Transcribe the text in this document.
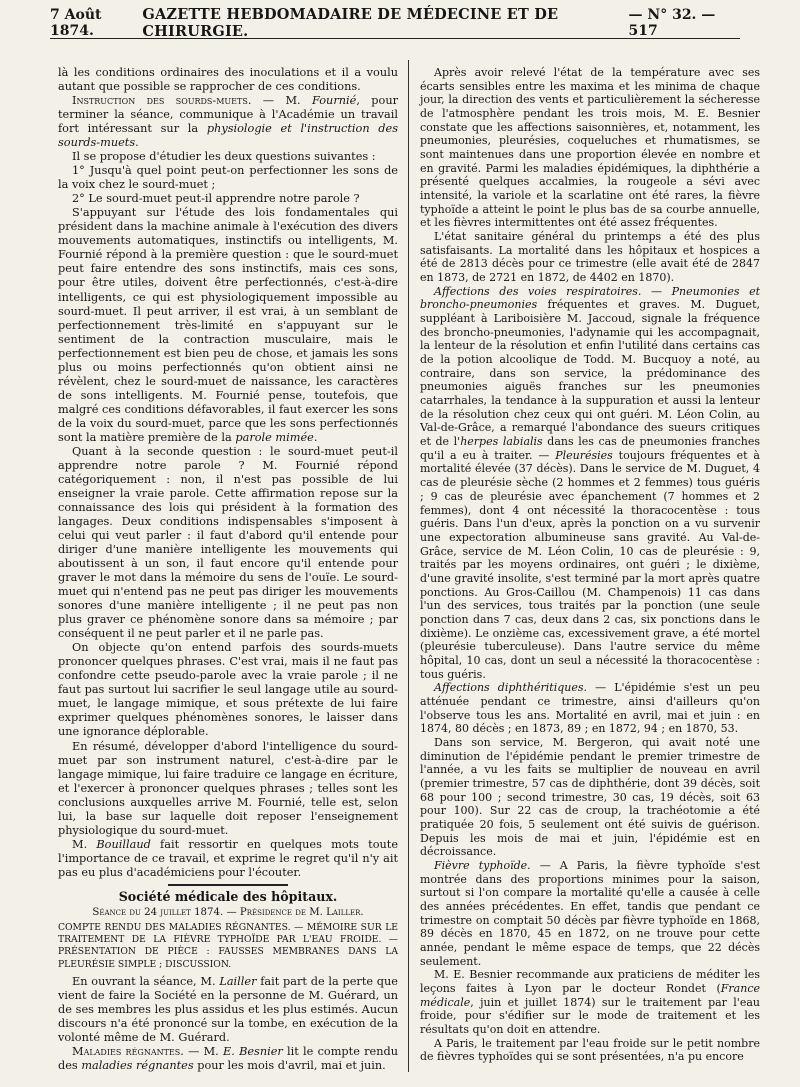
7 Août 1874.
GAZETTE HEBDOMADAIRE DE MÉDECINE ET DE CHIRURGIE.
— N° 32. — 517

là les conditions ordinaires des inoculations et il a voulu autant que possible se rapprocher de ces conditions.

Instruction des sourds-muets. — M. Fournié, pour terminer la séance, communique à l'Académie un travail fort intéressant sur la physiologie et l'instruction des sourds-muets.

Il se propose d'étudier les deux questions suivantes :

1° Jusqu'à quel point peut-on perfectionner les sons de la voix chez le sourd-muet ;

2° Le sourd-muet peut-il apprendre notre parole ?

S'appuyant sur l'étude des lois fondamentales qui président dans la machine animale à l'exécution des divers mouvements automatiques, instinctifs ou intelligents, M. Fournié répond à la première question : que le sourd-muet peut faire entendre des sons instinctifs, mais ces sons, pour être utiles, doivent être perfectionnés, c'est-à-dire intelligents, ce qui est physiologiquement impossible au sourd-muet. Il peut arriver, il est vrai, à un semblant de perfectionnement très-limité en s'appuyant sur le sentiment de la contraction musculaire, mais le perfectionnement est bien peu de chose, et jamais les sons plus ou moins perfectionnés qu'on obtient ainsi ne révèlent, chez le sourd-muet de naissance, les caractères de sons intelligents. M. Fournié pense, toutefois, que malgré ces conditions défavorables, il faut exercer les sons de la voix du sourd-muet, parce que les sons perfectionnés sont la matière première de la parole mimée.

Quant à la seconde question : le sourd-muet peut-il apprendre notre parole ? M. Fournié répond catégoriquement : non, il n'est pas possible de lui enseigner la vraie parole. Cette affirmation repose sur la connaissance des lois qui président à la formation des langages. Deux conditions indispensables s'imposent à celui qui veut parler : il faut d'abord qu'il entende pour diriger d'une manière intelligente les mouvements qui aboutissent à un son, il faut encore qu'il entende pour graver le mot dans la mémoire du sens de l'ouïe. Le sourd-muet qui n'entend pas ne peut pas diriger les mouvements sonores d'une manière intelligente ; il ne peut pas non plus graver ce phénomène sonore dans sa mémoire ; par conséquent il ne peut parler et il ne parle pas.

On objecte qu'on entend parfois des sourds-muets prononcer quelques phrases. C'est vrai, mais il ne faut pas confondre cette pseudo-parole avec la vraie parole ; il ne faut pas surtout lui sacrifier le seul langage utile au sourd-muet, le langage mimique, et sous prétexte de lui faire exprimer quelques phénomènes sonores, le laisser dans une ignorance déplorable.

En résumé, développer d'abord l'intelligence du sourd-muet par son instrument naturel, c'est-à-dire par le langage mimique, lui faire traduire ce langage en écriture, et l'exercer à prononcer quelques phrases ; telles sont les conclusions auxquelles arrive M. Fournié, telle est, selon lui, la base sur laquelle doit reposer l'enseignement physiologique du sourd-muet.

M. Bouillaud fait ressortir en quelques mots toute l'importance de ce travail, et exprime le regret qu'il n'y ait pas eu plus d'académiciens pour l'écouter.

Société médicale des hôpitaux.

Séance du 24 juillet 1874. — Présidence de M. Lailler.

COMPTE RENDU DES MALADIES RÉGNANTES. — MÉMOIRE SUR LE TRAITEMENT DE LA FIÈVRE TYPHOÏDE PAR L'EAU FROIDE. — PRÉSENTATION DE PIÈCE : FAUSSES MEMBRANES DANS LA PLEURÉSIE SIMPLE ; DISCUSSION.

En ouvrant la séance, M. Lailler fait part de la perte que vient de faire la Société en la personne de M. Guérard, un de ses membres les plus assidus et les plus estimés. Aucun discours n'a été prononcé sur la tombe, en exécution de la volonté même de M. Guérard.

Maladies régnantes. — M. E. Besnier lit le compte rendu des maladies régnantes pour les mois d'avril, mai et juin.

Après avoir relevé l'état de la température avec ses écarts sensibles entre les maxima et les minima de chaque jour, la direction des vents et particulièrement la sécheresse de l'atmosphère pendant les trois mois, M. E. Besnier constate que les affections saisonnières, et, notamment, les pneumonies, pleurésies, coqueluches et rhumatismes, se sont maintenues dans une proportion élevée en nombre et en gravité. Parmi les maladies épidémiques, la diphthérie a présenté quelques accalmies, la rougeole a sévi avec intensité, la variole et la scarlatine ont été rares, la fièvre typhoïde a atteint le point le plus bas de sa courbe annuelle, et les fièvres intermittentes ont été assez fréquentes.

L'état sanitaire général du printemps a été des plus satisfaisants. La mortalité dans les hôpitaux et hospices a été de 2813 décès pour ce trimestre (elle avait été de 2847 en 1873, de 2721 en 1872, de 4402 en 1870).

Affections des voies respiratoires. — Pneumonies et broncho-pneumonies fréquentes et graves. M. Duguet, suppléant à Lariboisière M. Jaccoud, signale la fréquence des broncho-pneumonies, l'adynamie qui les accompagnait, la lenteur de la résolution et enfin l'utilité dans certains cas de la potion alcoolique de Todd. M. Bucquoy a noté, au contraire, dans son service, la prédominance des pneumonies aiguës franches sur les pneumonies catarrhales, la tendance à la suppuration et aussi la lenteur de la résolution chez ceux qui ont guéri. M. Léon Colin, au Val-de-Grâce, a remarqué l'abondance des sueurs critiques et de l'herpes labialis dans les cas de pneumonies franches qu'il a eu à traiter. — Pleurésies toujours fréquentes et à mortalité élevée (37 décès). Dans le service de M. Duguet, 4 cas de pleurésie sèche (2 hommes et 2 femmes) tous guéris ; 9 cas de pleurésie avec épanchement (7 hommes et 2 femmes), dont 4 ont nécessité la thoracocentèse : tous guéris. Dans l'un d'eux, après la ponction on a vu survenir une expectoration albumineuse sans gravité. Au Val-de-Grâce, service de M. Léon Colin, 10 cas de pleurésie : 9, traités par les moyens ordinaires, ont guéri ; le dixième, d'une gravité insolite, s'est terminé par la mort après quatre ponctions. Au Gros-Caillou (M. Champenois) 11 cas dans l'un des services, tous traités par la ponction (une seule ponction dans 7 cas, deux dans 2 cas, six ponctions dans le dixième). Le onzième cas, excessivement grave, a été mortel (pleurésie tuberculeuse). Dans l'autre service du même hôpital, 10 cas, dont un seul a nécessité la thoracocentèse : tous guéris.

Affections diphthéritiques. — L'épidémie s'est un peu atténuée pendant ce trimestre, ainsi d'ailleurs qu'on l'observe tous les ans. Mortalité en avril, mai et juin : en 1874, 80 décès ; en 1873, 89 ; en 1872, 94 ; en 1870, 53.

Dans son service, M. Bergeron, qui avait noté une diminution de l'épidémie pendant le premier trimestre de l'année, a vu les faits se multiplier de nouveau en avril (premier trimestre, 57 cas de diphthérie, dont 39 décès, soit 68 pour 100 ; second trimestre, 30 cas, 19 décès, soit 63 pour 100). Sur 22 cas de croup, la trachéotomie a été pratiquée 20 fois, 5 seulement ont été suivis de guérison. Depuis les mois de mai et juin, l'épidémie est en décroissance.

Fièvre typhoïde. — A Paris, la fièvre typhoïde s'est montrée dans des proportions minimes pour la saison, surtout si l'on compare la mortalité qu'elle a causée à celle des années précédentes. En effet, tandis que pendant ce trimestre on comptait 50 décès par fièvre typhoïde en 1868, 89 décès en 1870, 45 en 1872, on ne trouve pour cette année, pendant le même espace de temps, que 22 décès seulement.

M. E. Besnier recommande aux praticiens de méditer les leçons faites à Lyon par le docteur Rondet (France médicale, juin et juillet 1874) sur le traitement par l'eau froide, pour s'édifier sur le mode de traitement et les résultats qu'on doit en attendre.

A Paris, le traitement par l'eau froide sur le petit nombre de fièvres typhoïdes qui se sont présentées, n'a pu encore
